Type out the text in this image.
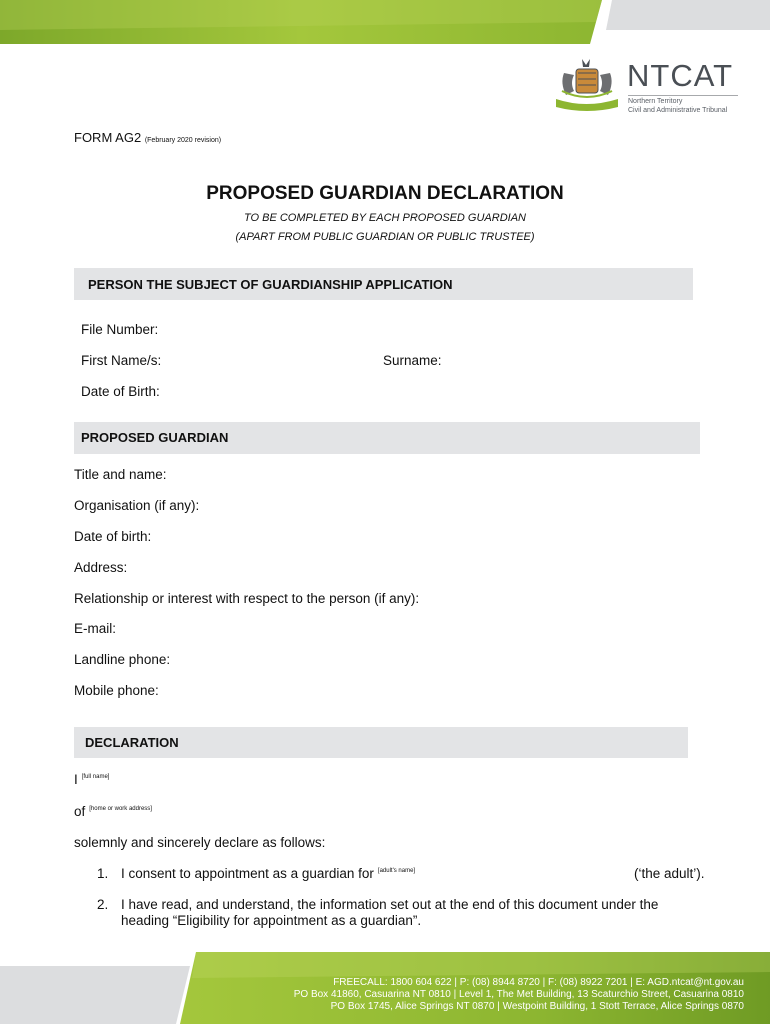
NTCAT
Northern Territory
Civil and Administrative Tribunal
FORM AG2 (February 2020 revision)
PROPOSED GUARDIAN DECLARATION
TO BE COMPLETED BY EACH PROPOSED GUARDIAN
(APART FROM PUBLIC GUARDIAN OR PUBLIC TRUSTEE)
PERSON THE SUBJECT OF GUARDIANSHIP APPLICATION
File Number:
First Name/s:	Surname:
Date of Birth:
PROPOSED GUARDIAN
Title and name:
Organisation (if any):
Date of birth:
Address:
Relationship or interest with respect to the person (if any):
E-mail:
Landline phone:
Mobile phone:
DECLARATION
I [full name]
of [home or work address]
solemnly and sincerely declare as follows:
1. I consent to appointment as a guardian for [adult's name]	(‘the adult’).
2. I have read, and understand, the information set out at the end of this document under the
heading “Eligibility for appointment as a guardian”.
FREECALL: 1800 604 622 | P: (08) 8944 8720 | F: (08) 8922 7201 | E: AGD.ntcat@nt.gov.au
PO Box 41860, Casuarina NT 0810 | Level 1, The Met Building, 13 Scaturchio Street, Casuarina 0810
PO Box 1745, Alice Springs NT 0870 | Westpoint Building, 1 Stott Terrace, Alice Springs 0870
